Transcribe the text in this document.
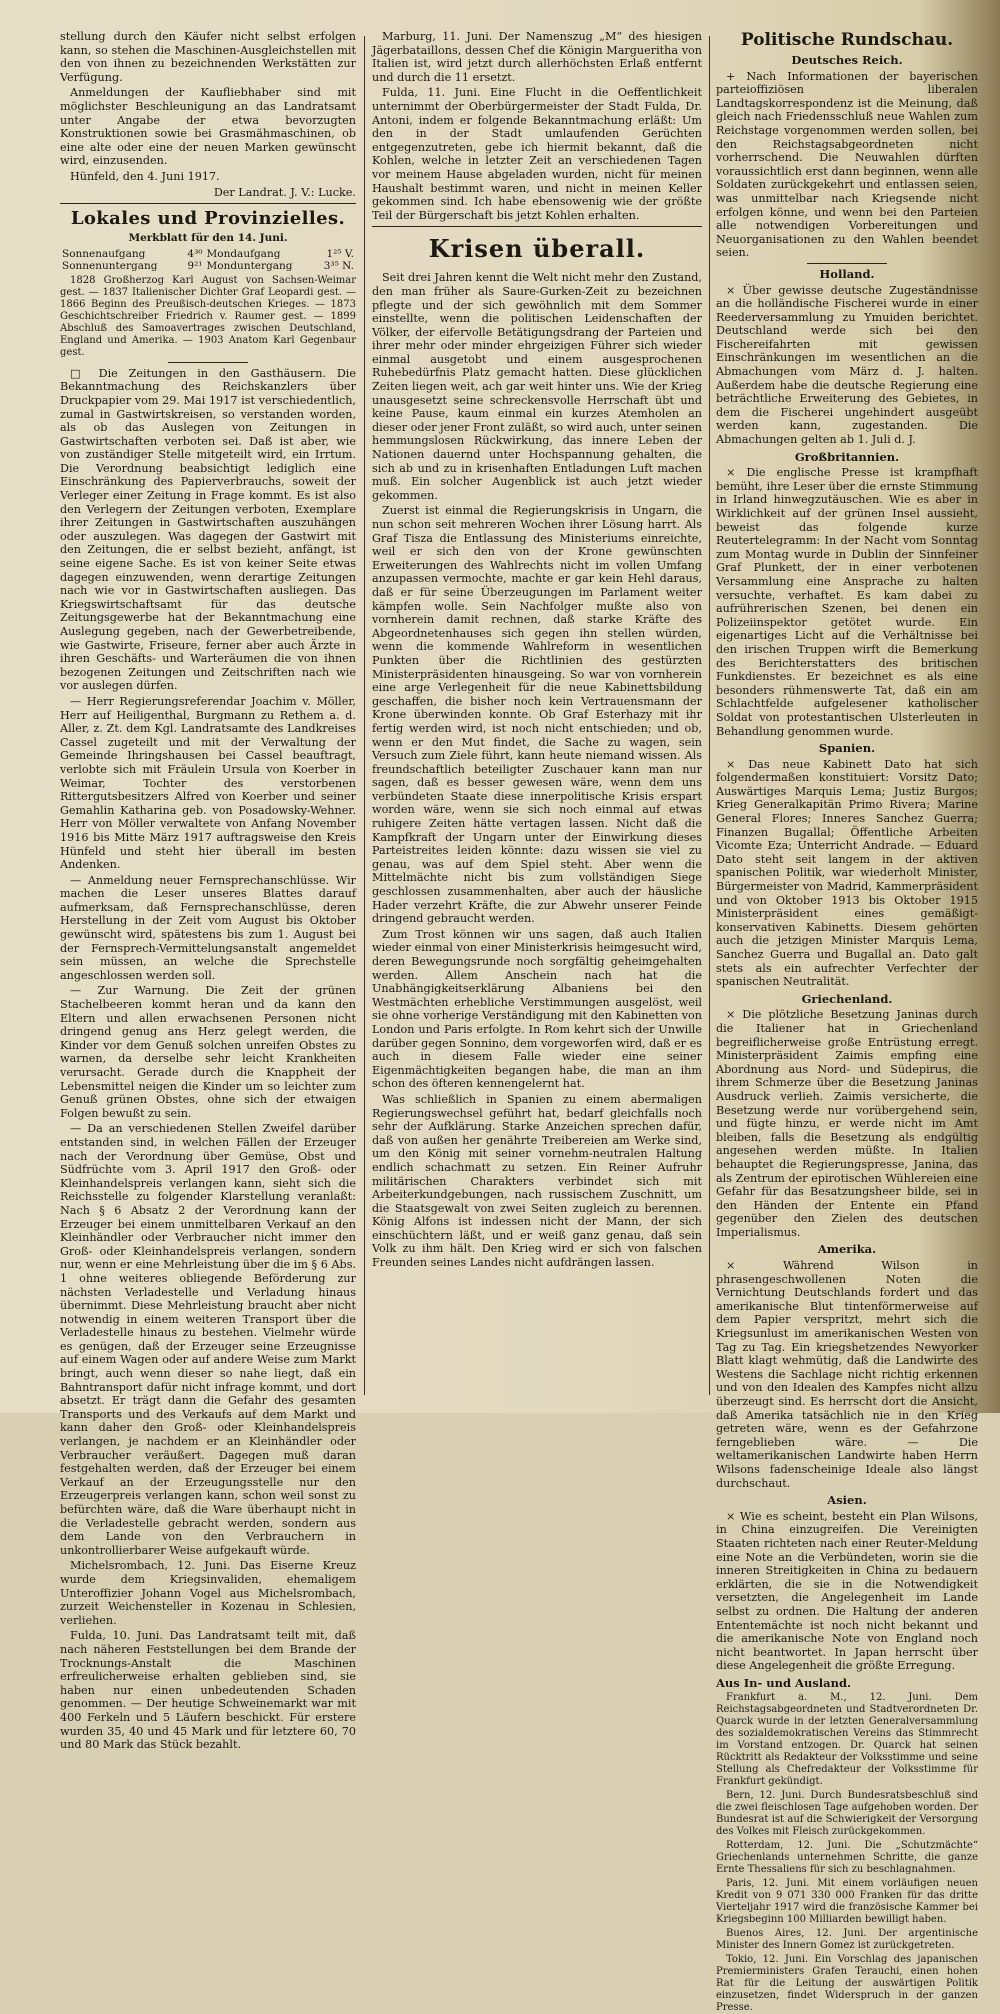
stellung durch den Käufer nicht selbst erfolgen kann, so stehen die Maschinen-Ausgleichstellen mit den von ihnen zu bezeichnenden Werkstätten zur Verfügung.

Anmeldungen der Kaufliebhaber sind mit möglichster Beschleunigung an das Landratsamt unter Angabe der etwa bevorzugten Konstruktionen sowie bei Grasmähmaschinen, ob eine alte oder eine der neuen Marken gewünscht wird, einzusenden.

Hünfeld, den 4. Juni 1917.

Der Landrat. J. V.: Lucke.

Lokales und Provinzielles.
Merkblatt für den 14. Juni.
Sonnenaufgang	4³⁰	Mondaufgang	1²⁵ V.
Sonnenuntergang	9²¹	Monduntergang	3³⁵ N.

1828 Großherzog Karl August von Sachsen-Weimar gest. — 1837 Italienischer Dichter Graf Leopardi gest. — 1866 Beginn des Preußisch-deutschen Krieges. — 1873 Geschichtschreiber Friedrich v. Raumer gest. — 1899 Abschluß des Samoavertrages zwischen Deutschland, England und Amerika. — 1903 Anatom Karl Gegenbaur gest.

□ Die Zeitungen in den Gasthäusern. Die Bekanntmachung des Reichskanzlers über Druckpapier vom 29. Mai 1917 ist verschiedentlich, zumal in Gastwirtskreisen, so verstanden worden, als ob das Auslegen von Zeitungen in Gastwirtschaften verboten sei. Daß ist aber, wie von zuständiger Stelle mitgeteilt wird, ein Irrtum. Die Verordnung beabsichtigt lediglich eine Einschränkung des Papierverbrauchs, soweit der Verleger einer Zeitung in Frage kommt. Es ist also den Verlegern der Zeitungen verboten, Exemplare ihrer Zeitungen in Gastwirtschaften auszuhängen oder auszulegen. Was dagegen der Gastwirt mit den Zeitungen, die er selbst bezieht, anfängt, ist seine eigene Sache. Es ist von keiner Seite etwas dagegen einzuwenden, wenn derartige Zeitungen nach wie vor in Gastwirtschaften ausliegen. Das Kriegswirtschaftsamt für das deutsche Zeitungsgewerbe hat der Bekanntmachung eine Auslegung gegeben, nach der Gewerbetreibende, wie Gastwirte, Friseure, ferner aber auch Ärzte in ihren Geschäfts- und Warteräumen die von ihnen bezogenen Zeitungen und Zeitschriften nach wie vor auslegen dürfen.

— Herr Regierungsreferendar Joachim v. Möller, Herr auf Heiligenthal, Burgmann zu Rethem a. d. Aller, z. Zt. dem Kgl. Landratsamte des Landkreises Cassel zugeteilt und mit der Verwaltung der Gemeinde Ihringshausen bei Cassel beauftragt, verlobte sich mit Fräulein Ursula von Koerber in Weimar, Tochter des verstorbenen Rittergutsbesitzers Alfred von Koerber und seiner Gemahlin Katharina geb. von Posadowsky-Wehner. Herr von Möller verwaltete von Anfang November 1916 bis Mitte März 1917 auftragsweise den Kreis Hünfeld und steht hier überall im besten Andenken.

— Anmeldung neuer Fernsprechanschlüsse. Wir machen die Leser unseres Blattes darauf aufmerksam, daß Fernsprechanschlüsse, deren Herstellung in der Zeit vom August bis Oktober gewünscht wird, spätestens bis zum 1. August bei der Fernsprech-Vermittelungsanstalt angemeldet sein müssen, an welche die Sprechstelle angeschlossen werden soll.

— Zur Warnung. Die Zeit der grünen Stachelbeeren kommt heran und da kann den Eltern und allen erwachsenen Personen nicht dringend genug ans Herz gelegt werden, die Kinder vor dem Genuß solchen unreifen Obstes zu warnen, da derselbe sehr leicht Krankheiten verursacht. Gerade durch die Knappheit der Lebensmittel neigen die Kinder um so leichter zum Genuß grünen Obstes, ohne sich der etwaigen Folgen bewußt zu sein.

— Da an verschiedenen Stellen Zweifel darüber entstanden sind, in welchen Fällen der Erzeuger nach der Verordnung über Gemüse, Obst und Südfrüchte vom 3. April 1917 den Groß- oder Kleinhandelspreis verlangen kann, sieht sich die Reichsstelle zu folgender Klarstellung veranlaßt: Nach § 6 Absatz 2 der Verordnung kann der Erzeuger bei einem unmittelbaren Verkauf an den Kleinhändler oder Verbraucher nicht immer den Groß- oder Kleinhandelspreis verlangen, sondern nur, wenn er eine Mehrleistung über die im § 6 Abs. 1 ohne weiteres obliegende Beförderung zur nächsten Verladestelle und Verladung hinaus übernimmt. Diese Mehrleistung braucht aber nicht notwendig in einem weiteren Transport über die Verladestelle hinaus zu bestehen. Vielmehr würde es genügen, daß der Erzeuger seine Erzeugnisse auf einem Wagen oder auf andere Weise zum Markt bringt, auch wenn dieser so nahe liegt, daß ein Bahntransport dafür nicht infrage kommt, und dort absetzt. Er trägt dann die Gefahr des gesamten Transports und des Verkaufs auf dem Markt und kann daher den Groß- oder Kleinhandelspreis verlangen, je nachdem er an Kleinhändler oder Verbraucher veräußert. Dagegen muß daran festgehalten werden, daß der Erzeuger bei einem Verkauf an der Erzeugungsstelle nur den Erzeugerpreis verlangen kann, schon weil sonst zu befürchten wäre, daß die Ware überhaupt nicht in die Verladestelle gebracht werden, sondern aus dem Lande von den Verbrauchern in unkontrollierbarer Weise aufgekauft würde.

Michelsrombach, 12. Juni. Das Eiserne Kreuz wurde dem Kriegsinvaliden, ehemaligem Unteroffizier Johann Vogel aus Michelsrombach, zurzeit Weichensteller in Kozenau in Schlesien, verliehen.

Fulda, 10. Juni. Das Landratsamt teilt mit, daß nach näheren Feststellungen bei dem Brande der Trocknungs-Anstalt die Maschinen erfreulicherweise erhalten geblieben sind, sie haben nur einen unbedeutenden Schaden genommen. — Der heutige Schweinemarkt war mit 400 Ferkeln und 5 Läufern beschickt. Für erstere wurden 35, 40 und 45 Mark und für letztere 60, 70 und 80 Mark das Stück bezahlt.

Marburg, 11. Juni. Der Namenszug „M“ des hiesigen Jägerbataillons, dessen Chef die Königin Margueritha von Italien ist, wird jetzt durch allerhöchsten Erlaß entfernt und durch die 11 ersetzt.

Fulda, 11. Juni. Eine Flucht in die Oeffentlichkeit unternimmt der Oberbürgermeister der Stadt Fulda, Dr. Antoni, indem er folgende Bekanntmachung erläßt: Um den in der Stadt umlaufenden Gerüchten entgegenzutreten, gebe ich hiermit bekannt, daß die Kohlen, welche in letzter Zeit an verschiedenen Tagen vor meinem Hause abgeladen wurden, nicht für meinen Haushalt bestimmt waren, und nicht in meinen Keller gekommen sind. Ich habe ebensowenig wie der größte Teil der Bürgerschaft bis jetzt Kohlen erhalten.

Krisen überall.

Seit drei Jahren kennt die Welt nicht mehr den Zustand, den man früher als Saure-Gurken-Zeit zu bezeichnen pflegte und der sich gewöhnlich mit dem Sommer einstellte, wenn die politischen Leidenschaften der Völker, der eifervolle Betätigungsdrang der Parteien und ihrer mehr oder minder ehrgeizigen Führer sich wieder einmal ausgetobt und einem ausgesprochenen Ruhebedürfnis Platz gemacht hatten. Diese glücklichen Zeiten liegen weit, ach gar weit hinter uns. Wie der Krieg unausgesetzt seine schreckensvolle Herrschaft übt und keine Pause, kaum einmal ein kurzes Atemholen an dieser oder jener Front zuläßt, so wird auch, unter seinen hemmungslosen Rückwirkung, das innere Leben der Nationen dauernd unter Hochspannung gehalten, die sich ab und zu in krisenhaften Entladungen Luft machen muß. Ein solcher Augenblick ist auch jetzt wieder gekommen.

Zuerst ist einmal die Regierungskrisis in Ungarn, die nun schon seit mehreren Wochen ihrer Lösung harrt. Als Graf Tisza die Entlassung des Ministeriums einreichte, weil er sich den von der Krone gewünschten Erweiterungen des Wahlrechts nicht im vollen Umfang anzupassen vermochte, machte er gar kein Hehl daraus, daß er für seine Überzeugungen im Parlament weiter kämpfen wolle. Sein Nachfolger mußte also von vornherein damit rechnen, daß starke Kräfte des Abgeordnetenhauses sich gegen ihn stellen würden, wenn die kommende Wahlreform in wesentlichen Punkten über die Richtlinien des gestürzten Ministerpräsidenten hinausgeing. So war von vornherein eine arge Verlegenheit für die neue Kabinettsbildung geschaffen, die bisher noch kein Vertrauensmann der Krone überwinden konnte. Ob Graf Esterhazy mit ihr fertig werden wird, ist noch nicht entschieden; und ob, wenn er den Mut findet, die Sache zu wagen, sein Versuch zum Ziele führt, kann heute niemand wissen. Als freundschaftlich beteiligter Zuschauer kann man nur sagen, daß es besser gewesen wäre, wenn dem uns verbündeten Staate diese innerpolitische Krisis erspart worden wäre, wenn sie sich noch einmal auf etwas ruhigere Zeiten hätte vertagen lassen. Nicht daß die Kampfkraft der Ungarn unter der Einwirkung dieses Parteistreites leiden könnte: dazu wissen sie viel zu genau, was auf dem Spiel steht. Aber wenn die Mittelmächte nicht bis zum vollständigen Siege geschlossen zusammenhalten, aber auch der häusliche Hader verzehrt Kräfte, die zur Abwehr unserer Feinde dringend gebraucht werden.

Zum Trost können wir uns sagen, daß auch Italien wieder einmal von einer Ministerkrisis heimgesucht wird, deren Bewegungsrunde noch sorgfältig geheimgehalten werden. Allem Anschein nach hat die Unabhängigkeitserklärung Albaniens bei den Westmächten erhebliche Verstimmungen ausgelöst, weil sie ohne vorherige Verständigung mit den Kabinetten von London und Paris erfolgte. In Rom kehrt sich der Unwille darüber gegen Sonnino, dem vorgeworfen wird, daß er es auch in diesem Falle wieder eine seiner Eigenmächtigkeiten begangen habe, die man an ihm schon des öfteren kennengelernt hat.

Was schließlich in Spanien zu einem abermaligen Regierungswechsel geführt hat, bedarf gleichfalls noch sehr der Aufklärung. Starke Anzeichen sprechen dafür, daß von außen her genährte Treibereien am Werke sind, um den König mit seiner vornehm-neutralen Haltung endlich schachmatt zu setzen. Ein Reiner Aufruhr militärischen Charakters verbindet sich mit Arbeiterkundgebungen, nach russischem Zuschnitt, um die Staatsgewalt von zwei Seiten zugleich zu berennen. König Alfons ist indessen nicht der Mann, der sich einschüchtern läßt, und er weiß ganz genau, daß sein Volk zu ihm hält. Den Krieg wird er sich von falschen Freunden seines Landes nicht aufdrängen lassen.

Politische Rundschau.
Deutsches Reich.

+ Nach Informationen der bayerischen parteioffiziösen liberalen Landtagskorrespondenz ist die Meinung, daß gleich nach Friedensschluß neue Wahlen zum Reichstage vorgenommen werden sollen, bei den Reichstagsabgeordneten nicht vorherrschend. Die Neuwahlen dürften voraussichtlich erst dann beginnen, wenn alle Soldaten zurückgekehrt und entlassen seien, was unmittelbar nach Kriegsende nicht erfolgen könne, und wenn bei den Parteien alle notwendigen Vorbereitungen und Neuorganisationen zu den Wahlen beendet seien.

Holland.

× Über gewisse deutsche Zugeständnisse an die holländische Fischerei wurde in einer Reederversammlung zu Ymuiden berichtet. Deutschland werde sich bei den Fischereifahrten mit gewissen Einschränkungen im wesentlichen an die Abmachungen vom März d. J. halten. Außerdem habe die deutsche Regierung eine beträchtliche Erweiterung des Gebietes, in dem die Fischerei ungehindert ausgeübt werden kann, zugestanden. Die Abmachungen gelten ab 1. Juli d. J.

Großbritannien.

× Die englische Presse ist krampfhaft bemüht, ihre Leser über die ernste Stimmung in Irland hinwegzutäuschen. Wie es aber in Wirklichkeit auf der grünen Insel aussieht, beweist das folgende kurze Reutertelegramm: In der Nacht vom Sonntag zum Montag wurde in Dublin der Sinnfeiner Graf Plunkett, der in einer verbotenen Versammlung eine Ansprache zu halten versuchte, verhaftet. Es kam dabei zu aufrührerischen Szenen, bei denen ein Polizeiinspektor getötet wurde. Ein eigenartiges Licht auf die Verhältnisse bei den irischen Truppen wirft die Bemerkung des Berichterstatters des britischen Funkdienstes. Er bezeichnet es als eine besonders rühmenswerte Tat, daß ein am Schlachtfelde aufgelesener katholischer Soldat von protestantischen Ulsterleuten in Behandlung genommen wurde.

Spanien.

× Das neue Kabinett Dato hat sich folgendermaßen konstituiert: Vorsitz Dato; Auswärtiges Marquis Lema; Justiz Burgos; Krieg Generalkapitän Primo Rivera; Marine General Flores; Inneres Sanchez Guerra; Finanzen Bugallal; Öffentliche Arbeiten Vicomte Eza; Unterricht Andrade. — Eduard Dato steht seit langem in der aktiven spanischen Politik, war wiederholt Minister, Bürgermeister von Madrid, Kammerpräsident und von Oktober 1913 bis Oktober 1915 Ministerpräsident eines gemäßigt-konservativen Kabinetts. Diesem gehörten auch die jetzigen Minister Marquis Lema, Sanchez Guerra und Bugallal an. Dato galt stets als ein aufrechter Verfechter der spanischen Neutralität.

Griechenland.

× Die plötzliche Besetzung Janinas durch die Italiener hat in Griechenland begreiflicherweise große Entrüstung erregt. Ministerpräsident Zaimis empfing eine Abordnung aus Nord- und Südepirus, die ihrem Schmerze über die Besetzung Janinas Ausdruck verlieh. Zaimis versicherte, die Besetzung werde nur vorübergehend sein, und fügte hinzu, er werde nicht im Amt bleiben, falls die Besetzung als endgültig angesehen werden müßte. In Italien behauptet die Regierungspresse, Janina, das als Zentrum der epirotischen Wühlereien eine Gefahr für das Besatzungsheer bilde, sei in den Händen der Entente ein Pfand gegenüber den Zielen des deutschen Imperialismus.

Amerika.

× Während Wilson in phrasengeschwollenen Noten die Vernichtung Deutschlands fordert und das amerikanische Blut tintenförmerweise auf dem Papier verspritzt, mehrt sich die Kriegsunlust im amerikanischen Westen von Tag zu Tag. Ein kriegshetzendes Newyorker Blatt klagt wehmütig, daß die Landwirte des Westens die Sachlage nicht richtig erkennen und von den Idealen des Kampfes nicht allzu überzeugt sind. Es herrscht dort die Ansicht, daß Amerika tatsächlich nie in den Krieg getreten wäre, wenn es der Gefahrzone ferngeblieben wäre. — Die weltamerikanischen Landwirte haben Herrn Wilsons fadenscheinige Ideale also längst durchschaut.

Asien.

× Wie es scheint, besteht ein Plan Wilsons, in China einzugreifen. Die Vereinigten Staaten richteten nach einer Reuter-Meldung eine Note an die Verbündeten, worin sie die inneren Streitigkeiten in China zu bedauern erklärten, die sie in die Notwendigkeit versetzten, die Angelegenheit im Lande selbst zu ordnen. Die Haltung der anderen Ententemächte ist noch nicht bekannt und die amerikanische Note von England noch nicht beantwortet. In Japan herrscht über diese Angelegenheit die größte Erregung.

Aus In- und Ausland.

Frankfurt a. M., 12. Juni. Dem Reichstagsabgeordneten und Stadtverordneten Dr. Quarck wurde in der letzten Generalversammlung des sozialdemokratischen Vereins das Stimmrecht im Vorstand entzogen. Dr. Quarck hat seinen Rücktritt als Redakteur der Volksstimme und seine Stellung als Chefredakteur der Volksstimme für Frankfurt gekündigt.

Bern, 12. Juni. Durch Bundesratsbeschluß sind die zwei fleischlosen Tage aufgehoben worden. Der Bundesrat ist auf die Schwierigkeit der Versorgung des Volkes mit Fleisch zurückgekommen.

Rotterdam, 12. Juni. Die „Schutzmächte“ Griechenlands unternehmen Schritte, die ganze Ernte Thessaliens für sich zu beschlagnahmen.

Paris, 12. Juni. Mit einem vorläufigen neuen Kredit von 9 071 330 000 Franken für das dritte Vierteljahr 1917 wird die französische Kammer bei Kriegsbeginn 100 Milliarden bewilligt haben.

Buenos Aires, 12. Juni. Der argentinische Minister des Innern Gomez ist zurückgetreten.

Tokio, 12. Juni. Ein Vorschlag des japanischen Premierministers Grafen Terauchi, einen hohen Rat für die Leitung der auswärtigen Politik einzusetzen, findet Widerspruch in der ganzen Presse.
